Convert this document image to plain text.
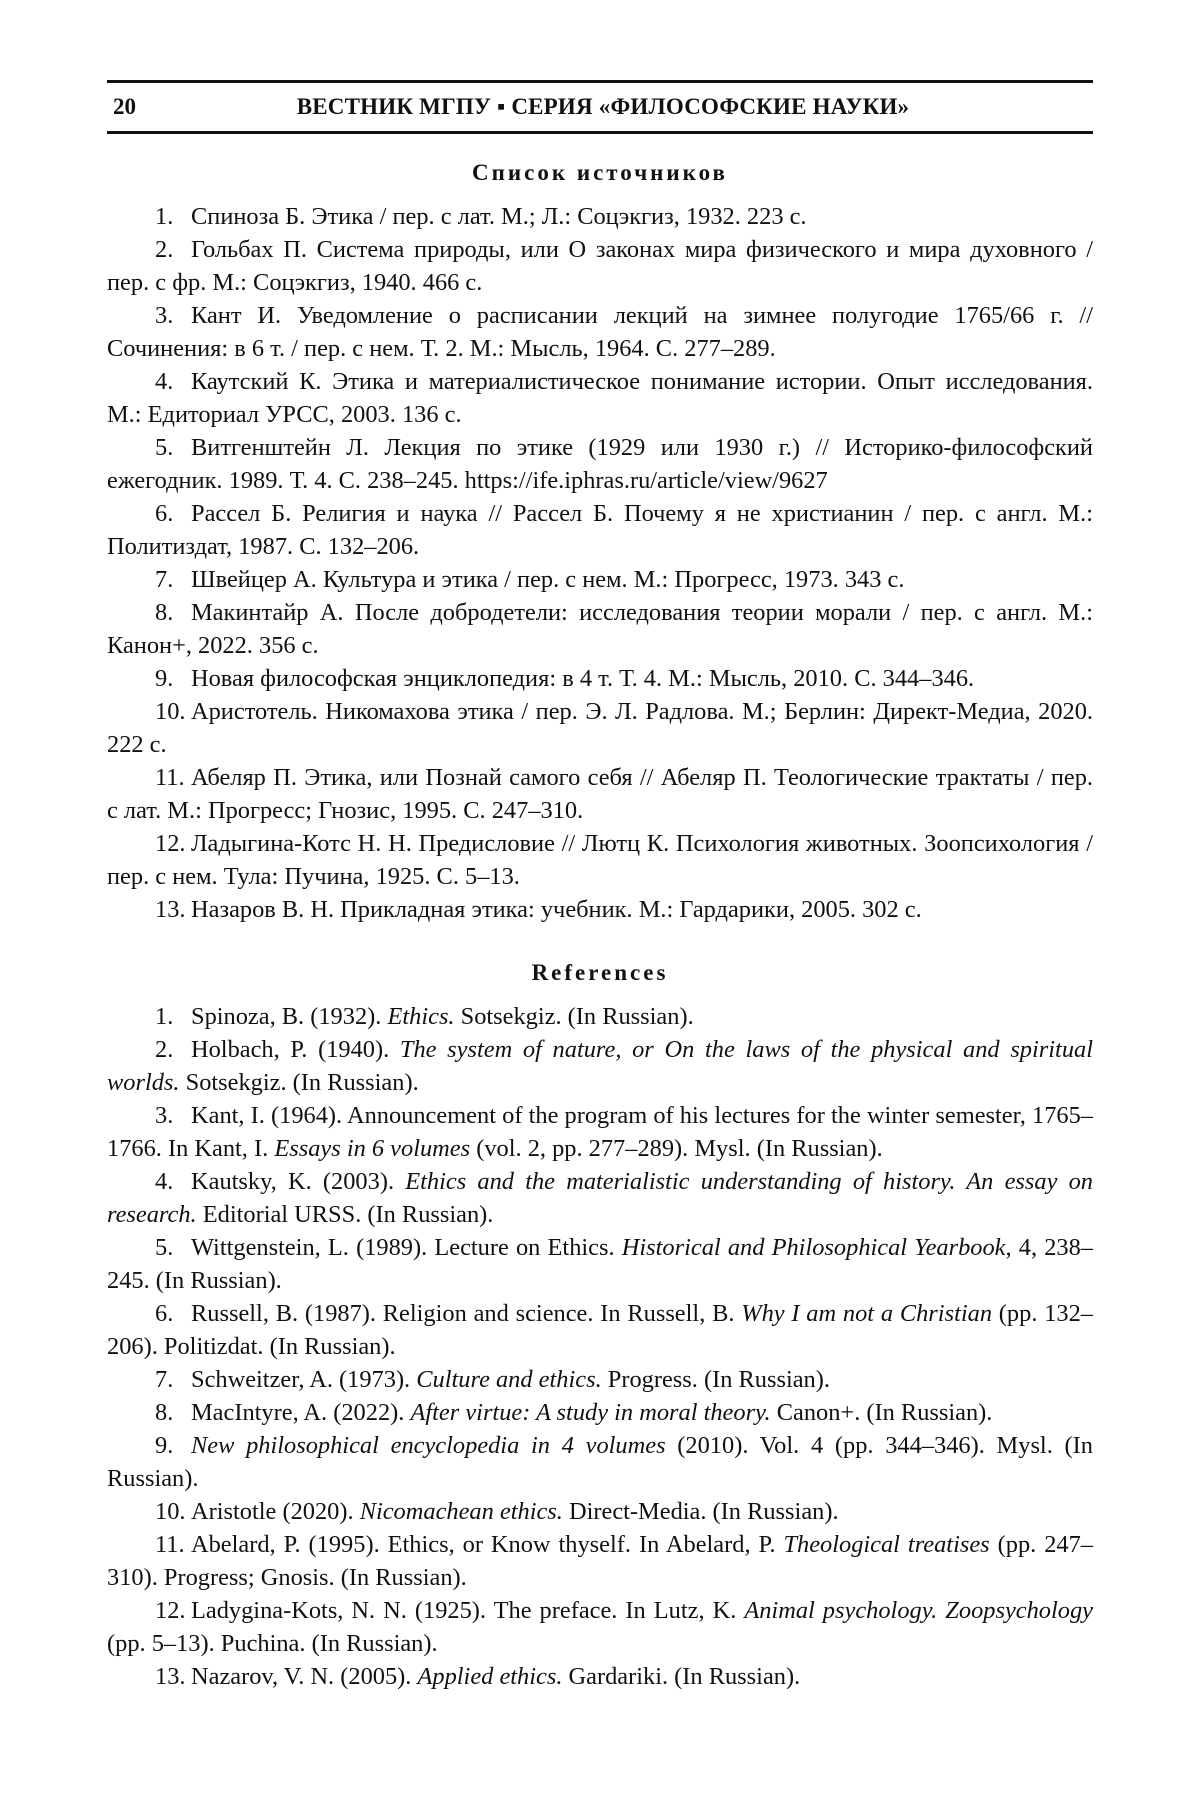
20	ВЕСТНИК МГПУ ▪ СЕРИЯ «ФИЛОСОФСКИЕ НАУКИ»
Список источников
1. Спиноза Б. Этика / пер. с лат. М.; Л.: Соцэкгиз, 1932. 223 с.
2. Гольбах П. Система природы, или О законах мира физического и мира духовного / пер. с фр. М.: Соцэкгиз, 1940. 466 с.
3. Кант И. Уведомление о расписании лекций на зимнее полугодие 1765/66 г. // Сочинения: в 6 т. / пер. с нем. Т. 2. М.: Мысль, 1964. С. 277–289.
4. Каутский К. Этика и материалистическое понимание истории. Опыт исследования. М.: Едиториал УРСС, 2003. 136 с.
5. Витгенштейн Л. Лекция по этике (1929 или 1930 г.) // Историко-философский ежегодник. 1989. Т. 4. С. 238–245. https://ife.iphras.ru/article/view/9627
6. Рассел Б. Религия и наука // Рассел Б. Почему я не христианин / пер. с англ. М.: Политиздат, 1987. С. 132–206.
7. Швейцер А. Культура и этика / пер. с нем. М.: Прогресс, 1973. 343 с.
8. Макинтайр А. После добродетели: исследования теории морали / пер. с англ. М.: Канон+, 2022. 356 с.
9. Новая философская энциклопедия: в 4 т. Т. 4. М.: Мысль, 2010. С. 344–346.
10. Аристотель. Никомахова этика / пер. Э. Л. Радлова. М.; Берлин: Директ-Медиа, 2020. 222 с.
11. Абеляр П. Этика, или Познай самого себя // Абеляр П. Теологические трактаты / пер. с лат. М.: Прогресс; Гнозис, 1995. С. 247–310.
12. Ладыгина-Котс Н. Н. Предисловие // Лютц К. Психология животных. Зоопсихология / пер. с нем. Тула: Пучина, 1925. С. 5–13.
13. Назаров В. Н. Прикладная этика: учебник. М.: Гардарики, 2005. 302 с.
References
1. Spinoza, B. (1932). Ethics. Sotsekgiz. (In Russian).
2. Holbach, P. (1940). The system of nature, or On the laws of the physical and spiritual worlds. Sotsekgiz. (In Russian).
3. Kant, I. (1964). Announcement of the program of his lectures for the winter semester, 1765–1766. In Kant, I. Essays in 6 volumes (vol. 2, pp. 277–289). Mysl. (In Russian).
4. Kautsky, K. (2003). Ethics and the materialistic understanding of history. An essay on research. Editorial URSS. (In Russian).
5. Wittgenstein, L. (1989). Lecture on Ethics. Historical and Philosophical Yearbook, 4, 238–245. (In Russian).
6. Russell, B. (1987). Religion and science. In Russell, B. Why I am not a Christian (pp. 132–206). Politizdat. (In Russian).
7. Schweitzer, A. (1973). Culture and ethics. Progress. (In Russian).
8. MacIntyre, A. (2022). After virtue: A study in moral theory. Canon+. (In Russian).
9. New philosophical encyclopedia in 4 volumes (2010). Vol. 4 (pp. 344–346). Mysl. (In Russian).
10. Aristotle (2020). Nicomachean ethics. Direct-Media. (In Russian).
11. Abelard, P. (1995). Ethics, or Know thyself. In Abelard, P. Theological treatises (pp. 247–310). Progress; Gnosis. (In Russian).
12. Ladygina-Kots, N. N. (1925). The preface. In Lutz, K. Animal psychology. Zoopsychology (pp. 5–13). Puchina. (In Russian).
13. Nazarov, V. N. (2005). Applied ethics. Gardariki. (In Russian).
